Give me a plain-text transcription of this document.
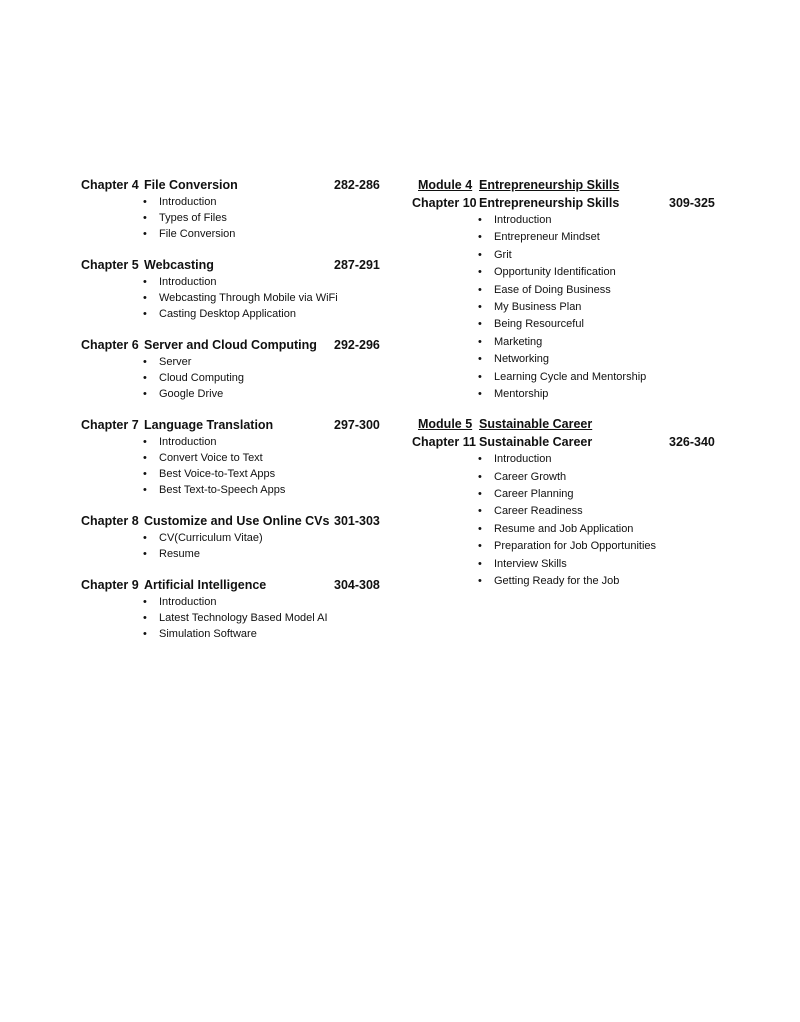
Chapter 4 File Conversion	282-286
• Introduction
• Types of Files
• File Conversion
Chapter 5 Webcasting	287-291
• Introduction
• Webcasting Through Mobile via WiFi
• Casting Desktop Application
Chapter 6 Server and Cloud Computing 292-296
• Server
• Cloud Computing
• Google Drive
Chapter 7 Language Translation	297-300
• Introduction
• Convert Voice to Text
• Best Voice-to-Text Apps
• Best Text-to-Speech Apps
Chapter 8 Customize and Use Online CVs 301-303
• CV(Curriculum Vitae)
• Resume
Chapter 9 Artificial Intelligence	304-308
• Introduction
• Latest Technology Based Model AI
• Simulation Software
Module 4 Entrepreneurship Skills
Chapter 10 Entrepreneurship Skills	309-325
• Introduction
• Entrepreneur Mindset
• Grit
• Opportunity Identification
• Ease of Doing Business
• My Business Plan
• Being Resourceful
• Marketing
• Networking
• Learning Cycle and Mentorship
• Mentorship
Module 5 Sustainable Career
Chapter 11 Sustainable Career	326-340
• Introduction
• Career Growth
• Career Planning
• Career Readiness
• Resume and Job Application
• Preparation for Job Opportunities
• Interview Skills
• Getting Ready for the Job
